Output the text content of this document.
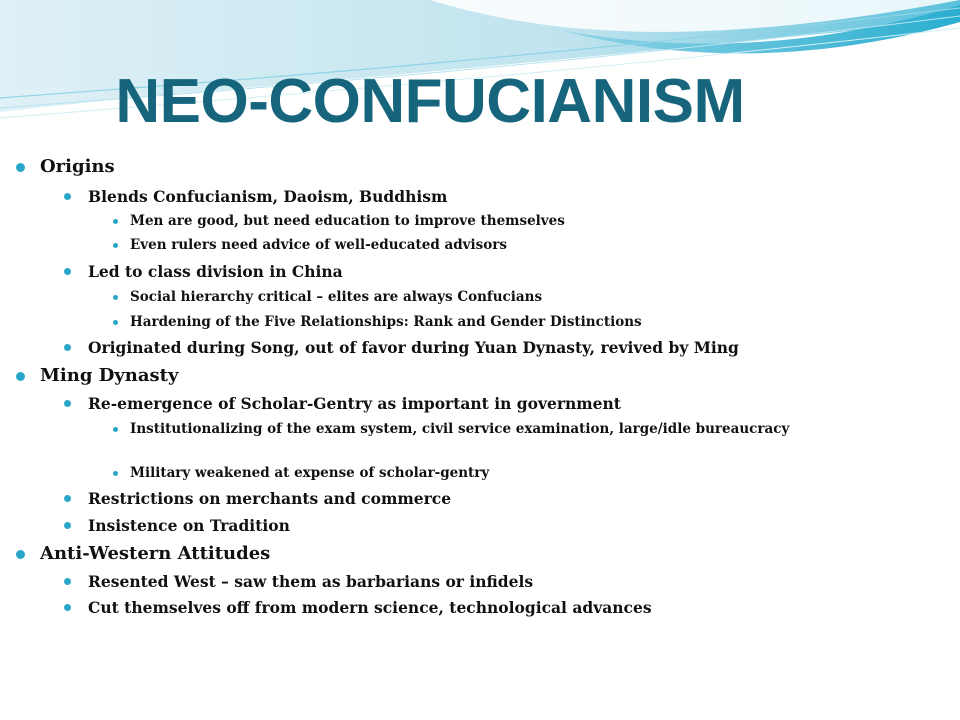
NEO-CONFUCIANISM
Origins
Blends Confucianism, Daoism, Buddhism
Men are good, but need education to improve themselves
Even rulers need advice of well-educated advisors
Led to class division in China
Social hierarchy critical – elites are always Confucians
Hardening of the Five Relationships: Rank and Gender Distinctions
Originated during Song, out of favor during Yuan Dynasty, revived by Ming
Ming Dynasty
Re-emergence of Scholar-Gentry as important in government
Institutionalizing of the exam system, civil service examination, large/idle bureaucracy
Military weakened at expense of scholar-gentry
Restrictions on merchants and commerce
Insistence on Tradition
Anti-Western Attitudes
Resented West – saw them as barbarians or infidels
Cut themselves off from modern science, technological advances
